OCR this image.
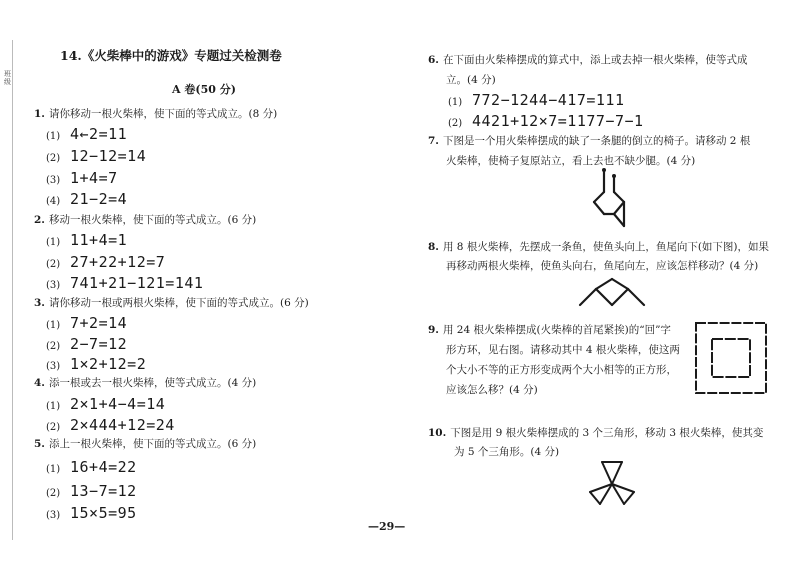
班级
14.《火柴棒中的游戏》专题过关检测卷
A 卷(50 分)
1. 请你移动一根火柴棒，使下面的等式成立。(8 分)
(1) 4←2=11
(2) 12−12=14
(3) 1+4=7
(4) 21−2=4
2. 移动一根火柴棒，使下面的等式成立。(6 分)
(1) 11+4=1
(2) 27+22+12=7
(3) 741+21−121=141
3. 请你移动一根或两根火柴棒，使下面的等式成立。(6 分)
(1) 7+2=14
(2) 2−7=12
(3) 1×2+12=2
4. 添一根或去一根火柴棒，使等式成立。(4 分)
(1) 2×1+4−4=14
(2) 2×444+12=24
5. 添上一根火柴棒，使下面的等式成立。(6 分)
(1) 16+4=22
(2) 13−7=12
(3) 15×5=95
6. 在下面由火柴棒摆成的算式中，添上或去掉一根火柴棒，使等式成
立。(4 分)
(1) 772−1244−417=111
(2) 4421+12×7=1177−7−1
7. 下图是一个用火柴棒摆成的缺了一条腿的倒立的椅子。请移动 2 根
火柴棒，使椅子复原站立，看上去也不缺少腿。(4 分)
8. 用 8 根火柴棒，先摆成一条鱼，使鱼头向上，鱼尾向下(如下图)，如果
再移动两根火柴棒，使鱼头向右，鱼尾向左，应该怎样移动？(4 分)
9. 用 24 根火柴棒摆成(火柴棒的首尾紧挨)的“回”字
形方环，见右图。请移动其中 4 根火柴棒，使这两
个大小不等的正方形变成两个大小相等的正方形，
应该怎么移？(4 分)
10. 下图是用 9 根火柴棒摆成的 3 个三角形，移动 3 根火柴棒，使其变
为 5 个三角形。(4 分)
—29—
